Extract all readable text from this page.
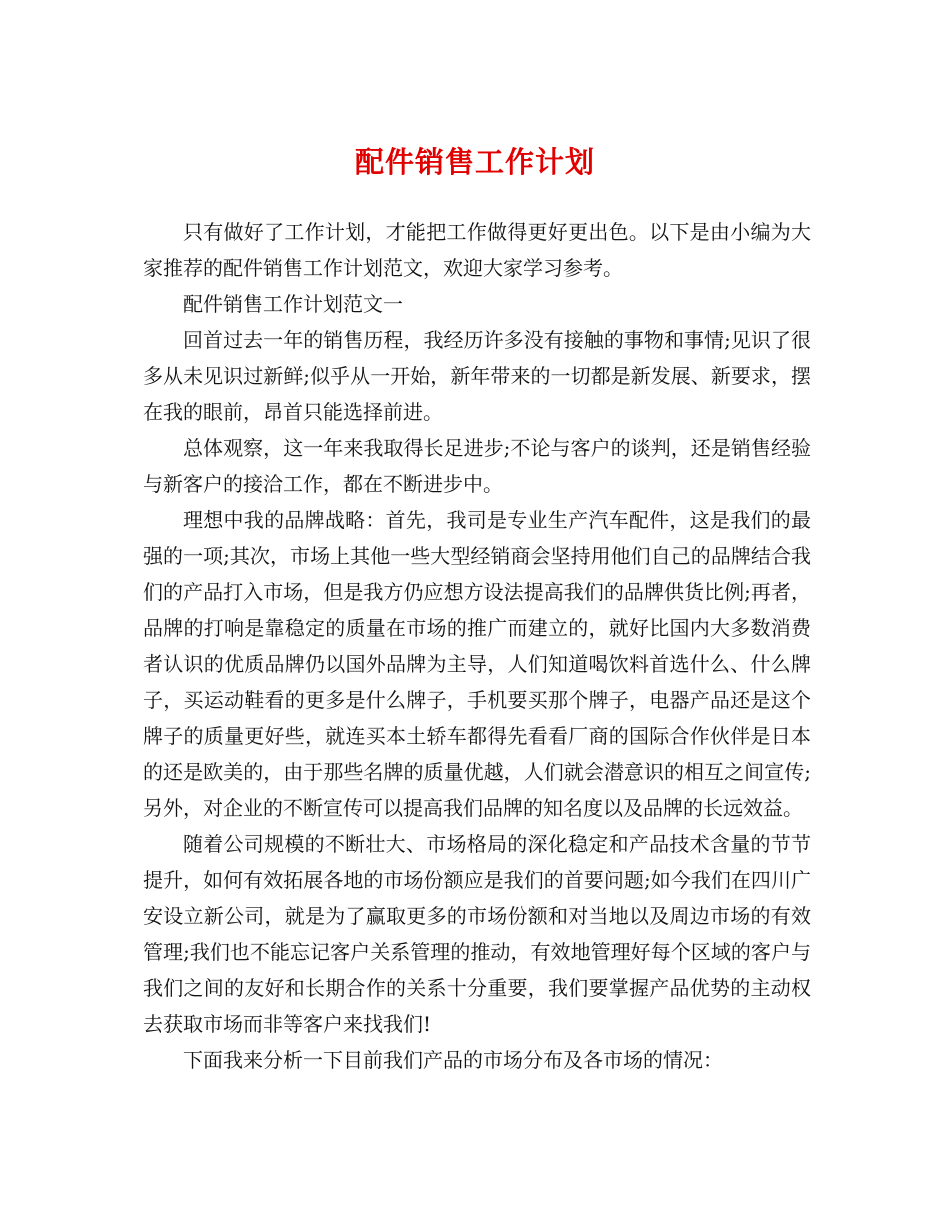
配件销售工作计划

只有做好了工作计划，才能把工作做得更好更出色。以下是由小编为大家推荐的配件销售工作计划范文，欢迎大家学习参考。

配件销售工作计划范文一

回首过去一年的销售历程，我经历许多没有接触的事物和事情;见识了很多从未见识过新鲜;似乎从一开始，新年带来的一切都是新发展、新要求，摆在我的眼前，昂首只能选择前进。

总体观察，这一年来我取得长足进步;不论与客户的谈判，还是销售经验与新客户的接洽工作，都在不断进步中。

理想中我的品牌战略：首先，我司是专业生产汽车配件，这是我们的最强的一项;其次，市场上其他一些大型经销商会坚持用他们自己的品牌结合我们的产品打入市场，但是我方仍应想方设法提高我们的品牌供货比例;再者，品牌的打响是靠稳定的质量在市场的推广而建立的，就好比国内大多数消费者认识的优质品牌仍以国外品牌为主导，人们知道喝饮料首选什么、什么牌子，买运动鞋看的更多是什么牌子，手机要买那个牌子，电器产品还是这个牌子的质量更好些，就连买本土轿车都得先看看厂商的国际合作伙伴是日本的还是欧美的，由于那些名牌的质量优越，人们就会潜意识的相互之间宣传;另外，对企业的不断宣传可以提高我们品牌的知名度以及品牌的长远效益。

随着公司规模的不断壮大、市场格局的深化稳定和产品技术含量的节节提升，如何有效拓展各地的市场份额应是我们的首要问题;如今我们在四川广安设立新公司，就是为了赢取更多的市场份额和对当地以及周边市场的有效管理;我们也不能忘记客户关系管理的推动，有效地管理好每个区域的客户与我们之间的友好和长期合作的关系十分重要，我们要掌握产品优势的主动权去获取市场而非等客户来找我们!

下面我来分析一下目前我们产品的市场分布及各市场的情况：
